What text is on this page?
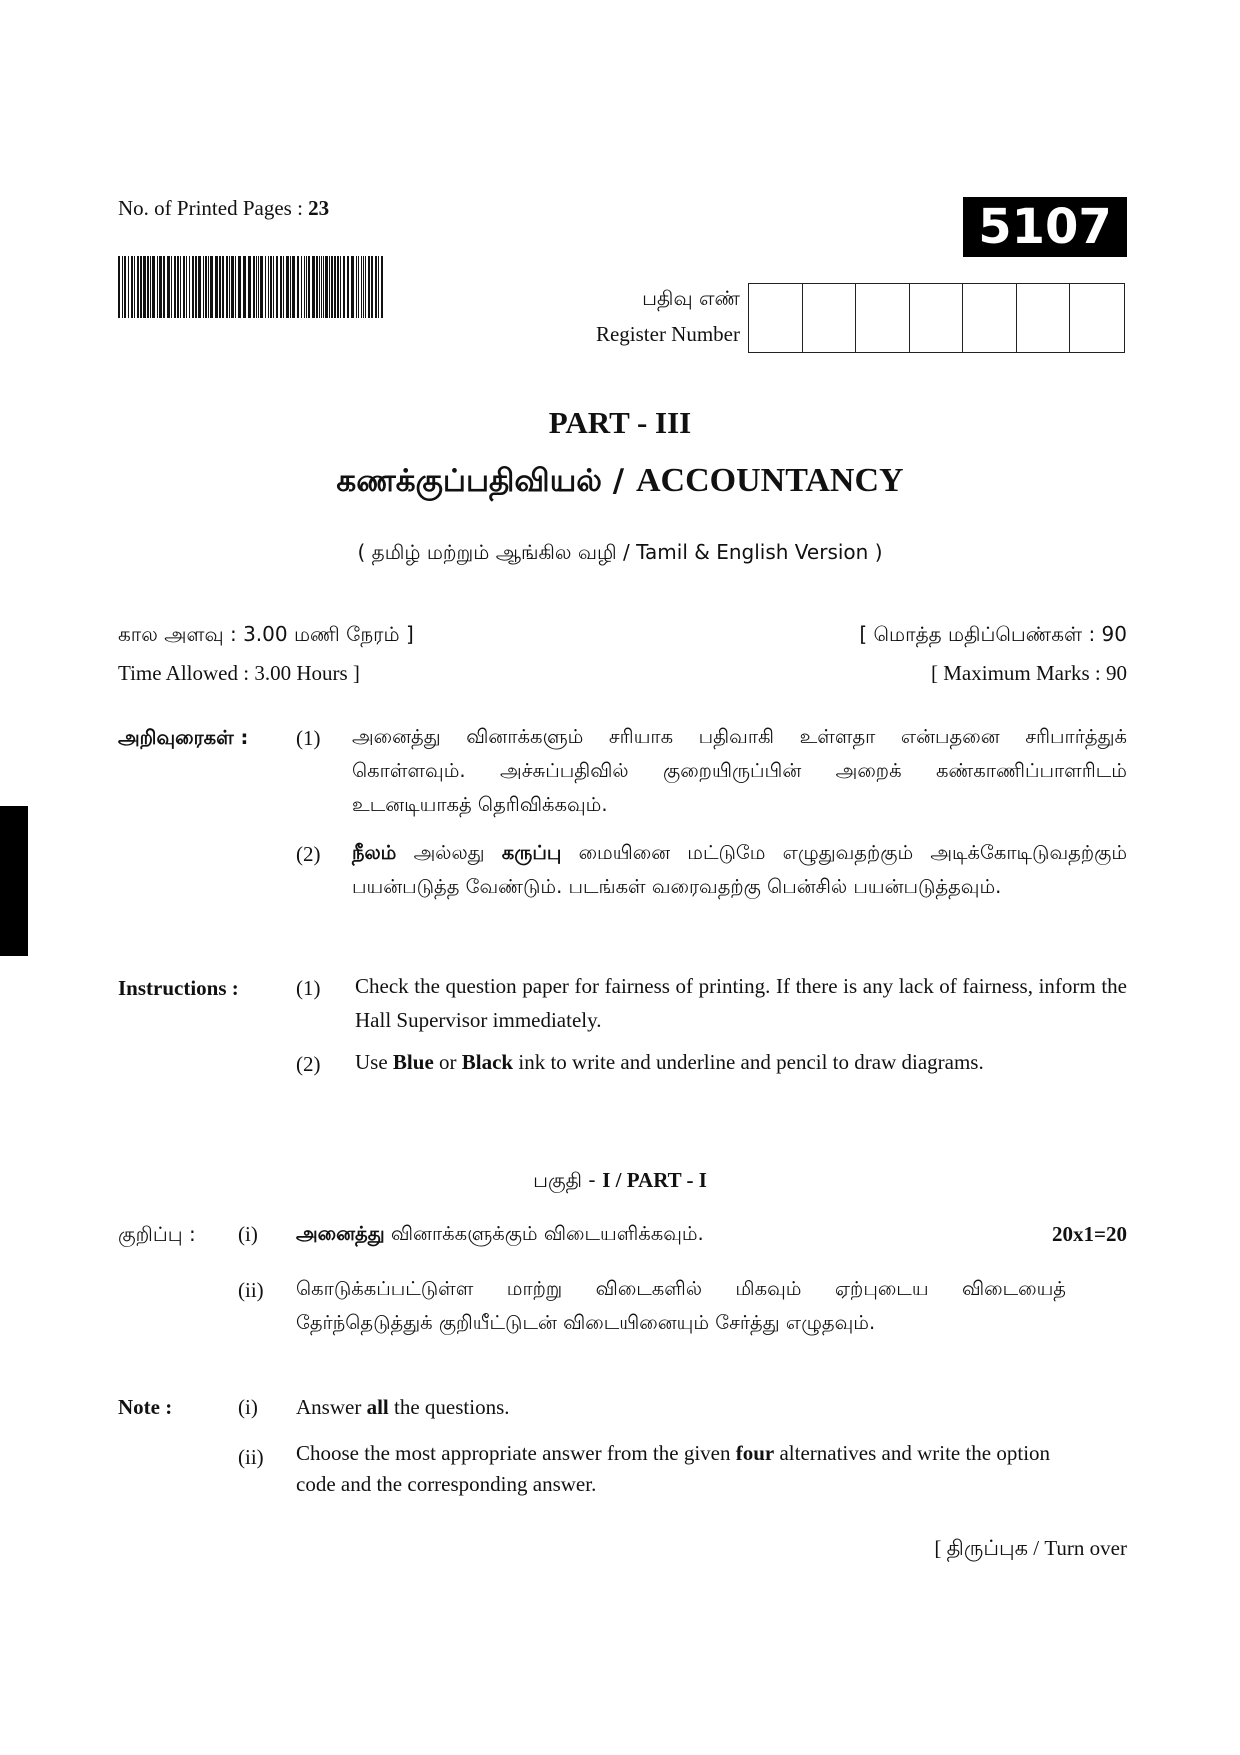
No. of Printed Pages : 23	5107
பதிவு எண்
Register Number
PART - III
கணக்குப்பதிவியல் / ACCOUNTANCY
( தமிழ் மற்றும் ஆங்கில வழி / Tamil & English Version )
கால அளவு : 3.00 மணி நேரம் ]	[ மொத்த மதிப்பெண்கள் : 90
Time Allowed : 3.00 Hours ]	[ Maximum Marks : 90
அறிவுரைகள் : (1) அனைத்து வினாக்களும் சரியாக பதிவாகி உள்ளதா என்பதனை சரிபார்த்துக் கொள்ளவும். அச்சுப்பதிவில் குறையிருப்பின் அறைக் கண்காணிப்பாளரிடம் உடனடியாகத் தெரிவிக்கவும்.
(2) நீலம் அல்லது கருப்பு மையினை மட்டுமே எழுதுவதற்கும் அடிக்கோடிடுவதற்கும் பயன்படுத்த வேண்டும். படங்கள் வரைவதற்கு பென்சில் பயன்படுத்தவும்.
Instructions :	(1) Check the question paper for fairness of printing. If there is any lack of fairness, inform the Hall Supervisor immediately.
(2) Use Blue or Black ink to write and underline and pencil to draw diagrams.
பகுதி - I / PART - I
குறிப்பு : (i) அனைத்து வினாக்களுக்கும் விடையளிக்கவும்.	20x1=20
(ii) கொடுக்கப்பட்டுள்ள மாற்று விடைகளில் மிகவும் ஏற்புடைய விடையைத் தேர்ந்தெடுத்துக் குறியீட்டுடன் விடையினையும் சேர்த்து எழுதவும்.
Note :	(i) Answer all the questions.
(ii) Choose the most appropriate answer from the given four alternatives and write the option code and the corresponding answer.
[ திருப்புக / Turn over
